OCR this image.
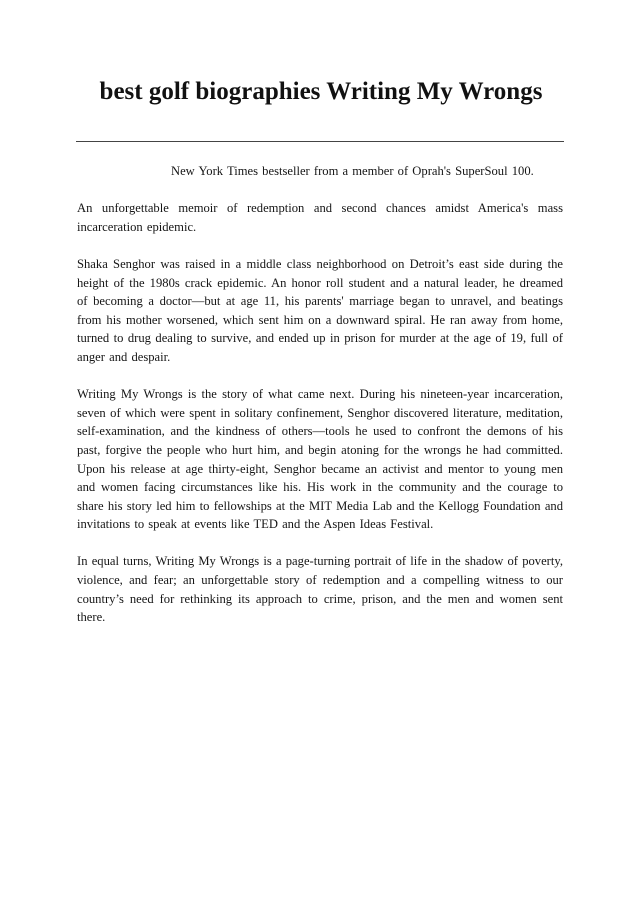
best golf biographies Writing My Wrongs

New York Times bestseller from a member of Oprah's SuperSoul 100.

An unforgettable memoir of redemption and second chances amidst America's mass incarceration epidemic.

Shaka Senghor was raised in a middle class neighborhood on Detroit’s east side during the height of the 1980s crack epidemic. An honor roll student and a natural leader, he dreamed of becoming a doctor—but at age 11, his parents' marriage began to unravel, and beatings from his mother worsened, which sent him on a downward spiral. He ran away from home, turned to drug dealing to survive, and ended up in prison for murder at the age of 19, full of anger and despair.

Writing My Wrongs is the story of what came next. During his nineteen-year incarceration, seven of which were spent in solitary confinement, Senghor discovered literature, meditation, self-examination, and the kindness of others—tools he used to confront the demons of his past, forgive the people who hurt him, and begin atoning for the wrongs he had committed. Upon his release at age thirty-eight, Senghor became an activist and mentor to young men and women facing circumstances like his. His work in the community and the courage to share his story led him to fellowships at the MIT Media Lab and the Kellogg Foundation and invitations to speak at events like TED and the Aspen Ideas Festival.

In equal turns, Writing My Wrongs is a page-turning portrait of life in the shadow of poverty, violence, and fear; an unforgettable story of redemption and a compelling witness to our country’s need for rethinking its approach to crime, prison, and the men and women sent there.
